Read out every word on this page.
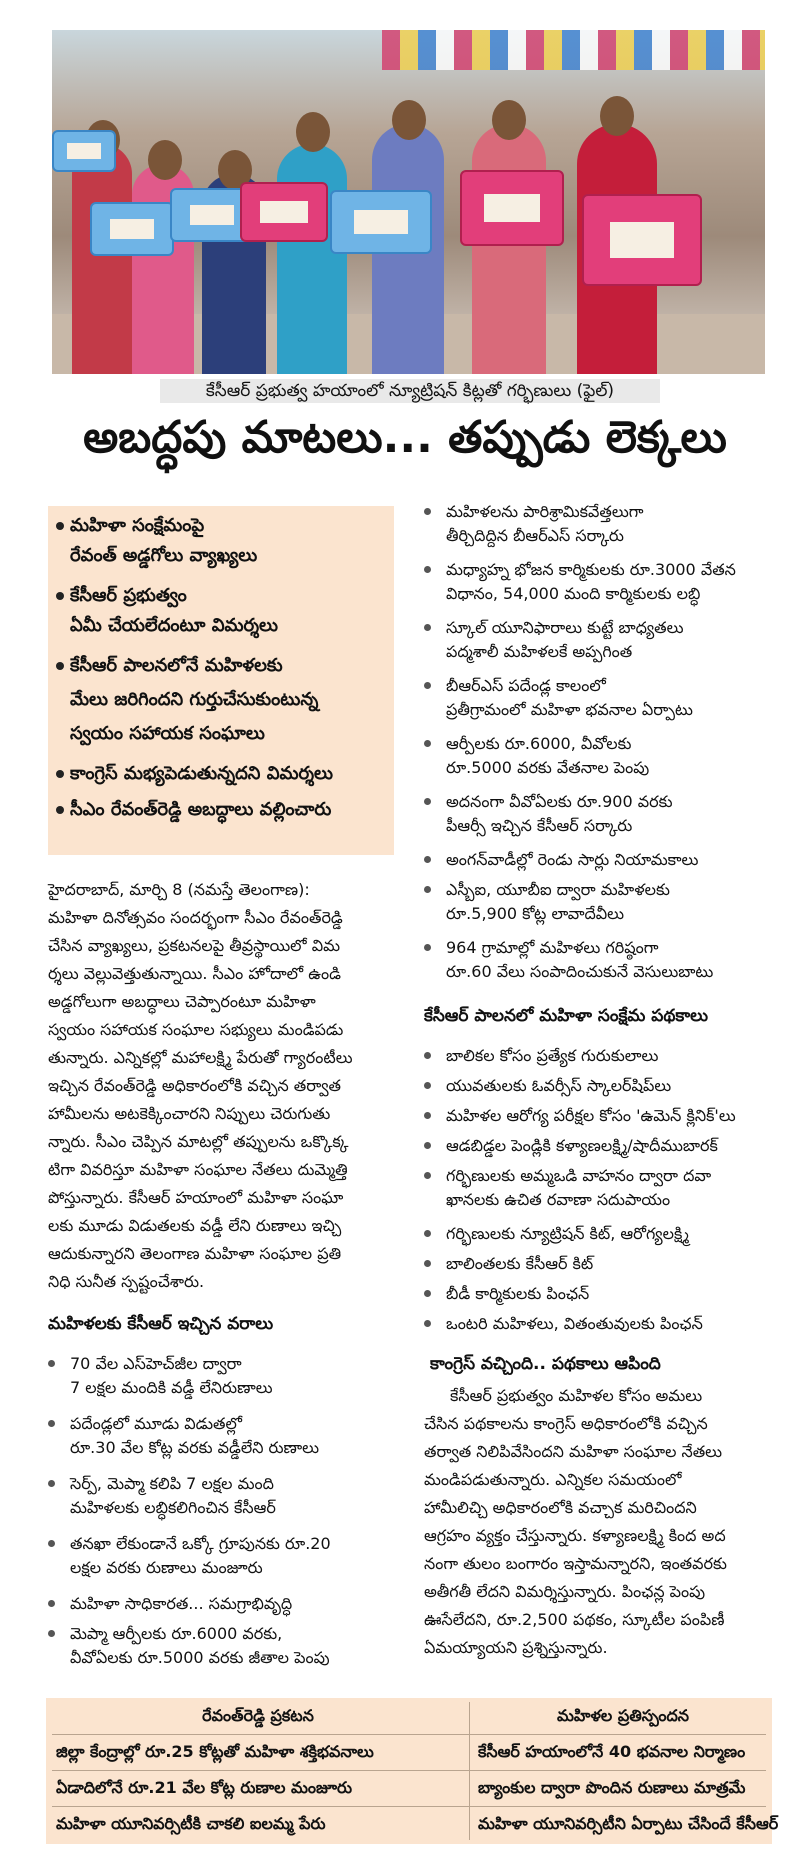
కేసీఆర్ ప్రభుత్వ హయాంలో న్యూట్రిషన్ కిట్లతో గర్భిణులు (ఫైల్)
అబద్ధపు మాటలు... తప్పుడు లెక్కలు
మహిళా సంక్షేమంపై
రేవంత్ అడ్డగోలు వ్యాఖ్యలు
కేసీఆర్ ప్రభుత్వం
ఏమీ చేయలేదంటూ విమర్శలు
కేసీఆర్ పాలనలోనే మహిళలకు
మేలు జరిగిందని గుర్తుచేసుకుంటున్న
స్వయం సహాయక సంఘాలు
కాంగ్రెస్ మభ్యపెడుతున్నదని విమర్శలు
సీఎం రేవంత్‌రెడ్డి అబద్ధాలు వల్లించారు
హైదరాబాద్, మార్చి 8 (నమస్తే తెలంగాణ):
మహిళా దినోత్సవం సందర్భంగా సీఎం రేవంత్‌రెడ్డి
చేసిన వ్యాఖ్యలు, ప్రకటనలపై తీవ్రస్థాయిలో విమ
ర్శలు వెల్లువెత్తుతున్నాయి. సీఎం హోదాలో ఉండి
అడ్డగోలుగా అబద్ధాలు చెప్పారంటూ మహిళా
స్వయం సహాయక సంఘాల సభ్యులు మండిపడు
తున్నారు. ఎన్నికల్లో మహాలక్ష్మి పేరుతో గ్యారంటీలు
ఇచ్చిన రేవంత్‌రెడ్డి అధికారంలోకి వచ్చిన తర్వాత
హామీలను అటకెక్కించారని నిప్పులు చెరుగుతు
న్నారు. సీఎం చెప్పిన మాటల్లో తప్పులను ఒక్కొక్క
టిగా వివరిస్తూ మహిళా సంఘాల నేతలు దుమ్మెత్తి
పోస్తున్నారు. కేసీఆర్ హయాంలో మహిళా సంఘా
లకు మూడు విడుతలకు వడ్డీ లేని రుణాలు ఇచ్చి
ఆదుకున్నారని తెలంగాణ మహిళా సంఘాల ప్రతి
నిధి సునీత స్పష్టంచేశారు.
మహిళలకు కేసీఆర్ ఇచ్చిన వరాలు
70 వేల ఎస్‌హెచ్‌జీల ద్వారా
7 లక్షల మందికి వడ్డీ లేనిరుణాలు
పదేండ్లలో మూడు విడుతల్లో
రూ.30 వేల కోట్ల వరకు వడ్డీలేని రుణాలు
సెర్ప్, మెప్మా కలిపి 7 లక్షల మంది
మహిళలకు లబ్ధికలిగించిన కేసీఆర్
తనఖా లేకుండానే ఒక్కో గ్రూపునకు రూ.20
లక్షల వరకు రుణాలు మంజూరు
మహిళా సాధికారత... సమగ్రాభివృద్ధి
మెప్మా ఆర్పీలకు రూ.6000 వరకు,
వీవోఏలకు రూ.5000 వరకు జీతాల పెంపు
మహిళలను పారిశ్రామికవేత్తలుగా
తీర్చిదిద్దిన బీఆర్ఎస్ సర్కారు
మధ్యాహ్న భోజన కార్మికులకు రూ.3000 వేతన
విధానం, 54,000 మంది కార్మికులకు లబ్ధి
స్కూల్ యూనిఫారాలు కుట్టే బాధ్యతలు
పద్మశాలీ మహిళలకే అప్పగింత
బీఆర్ఎస్ పదేండ్ల కాలంలో
ప్రతీగ్రామంలో మహిళా భవనాల ఏర్పాటు
ఆర్పీలకు రూ.6000, వీవోలకు
రూ.5000 వరకు వేతనాల పెంపు
అదనంగా వీవోఏలకు రూ.900 వరకు
పీఆర్సీ ఇచ్చిన కేసీఆర్ సర్కారు
అంగన్‌వాడీల్లో రెండు సార్లు నియామకాలు
ఎస్బీఐ, యూబీఐ ద్వారా మహిళలకు
రూ.5,900 కోట్ల లావాదేవీలు
964 గ్రామాల్లో మహిళలు గరిష్ఠంగా
రూ.60 వేలు సంపాదించుకునే వెసులుబాటు
కేసీఆర్ పాలనలో మహిళా సంక్షేమ పథకాలు
బాలికల కోసం ప్రత్యేక గురుకులాలు
యువతులకు ఓవర్సీస్ స్కాలర్‌షిప్‌లు
మహిళల ఆరోగ్య పరీక్షల కోసం 'ఉమెన్ క్లినిక్'లు
ఆడబిడ్డల పెండ్లికి కళ్యాణలక్ష్మి/షాదీముబారక్
గర్భిణులకు అమ్మఒడి వాహనం ద్వారా దవా
ఖానలకు ఉచిత రవాణా సదుపాయం
గర్భిణులకు న్యూట్రిషన్ కిట్, ఆరోగ్యలక్ష్మి
బాలింతలకు కేసీఆర్ కిట్
బీడీ కార్మికులకు పింఛన్
ఒంటరి మహిళలు, వితంతువులకు పింఛన్
కాంగ్రెస్ వచ్చింది.. పథకాలు ఆపింది
కేసీఆర్ ప్రభుత్వం మహిళల కోసం అమలు
చేసిన పథకాలను కాంగ్రెస్ అధికారంలోకి వచ్చిన
తర్వాత నిలిపివేసిందని మహిళా సంఘాల నేతలు
మండిపడుతున్నారు. ఎన్నికల సమయంలో
హామీలిచ్చి అధికారంలోకి వచ్చాక మరిచిందని
ఆగ్రహం వ్యక్తం చేస్తున్నారు. కళ్యాణలక్ష్మి కింద అద
నంగా తులం బంగారం ఇస్తామన్నారని, ఇంతవరకు
అతీగతీ లేదని విమర్శిస్తున్నారు. పింఛన్ల పెంపు
ఊసేలేదని, రూ.2,500 పథకం, స్కూటీల పంపిణీ
ఏమయ్యాయని ప్రశ్నిస్తున్నారు.
రేవంత్‌రెడ్డి ప్రకటన	మహిళల ప్రతిస్పందన
జిల్లా కేంద్రాల్లో రూ.25 కోట్లతో మహిళా శక్తిభవనాలు	కేసీఆర్ హయాంలోనే 40 భవనాల నిర్మాణం
ఏడాదిలోనే రూ.21 వేల కోట్ల రుణాల మంజూరు	బ్యాంకుల ద్వారా పొందిన రుణాలు మాత్రమే
మహిళా యూనివర్సిటీకి చాకలి ఐలమ్మ పేరు	మహిళా యూనివర్సిటీని ఏర్పాటు చేసిందే కేసీఆర్
